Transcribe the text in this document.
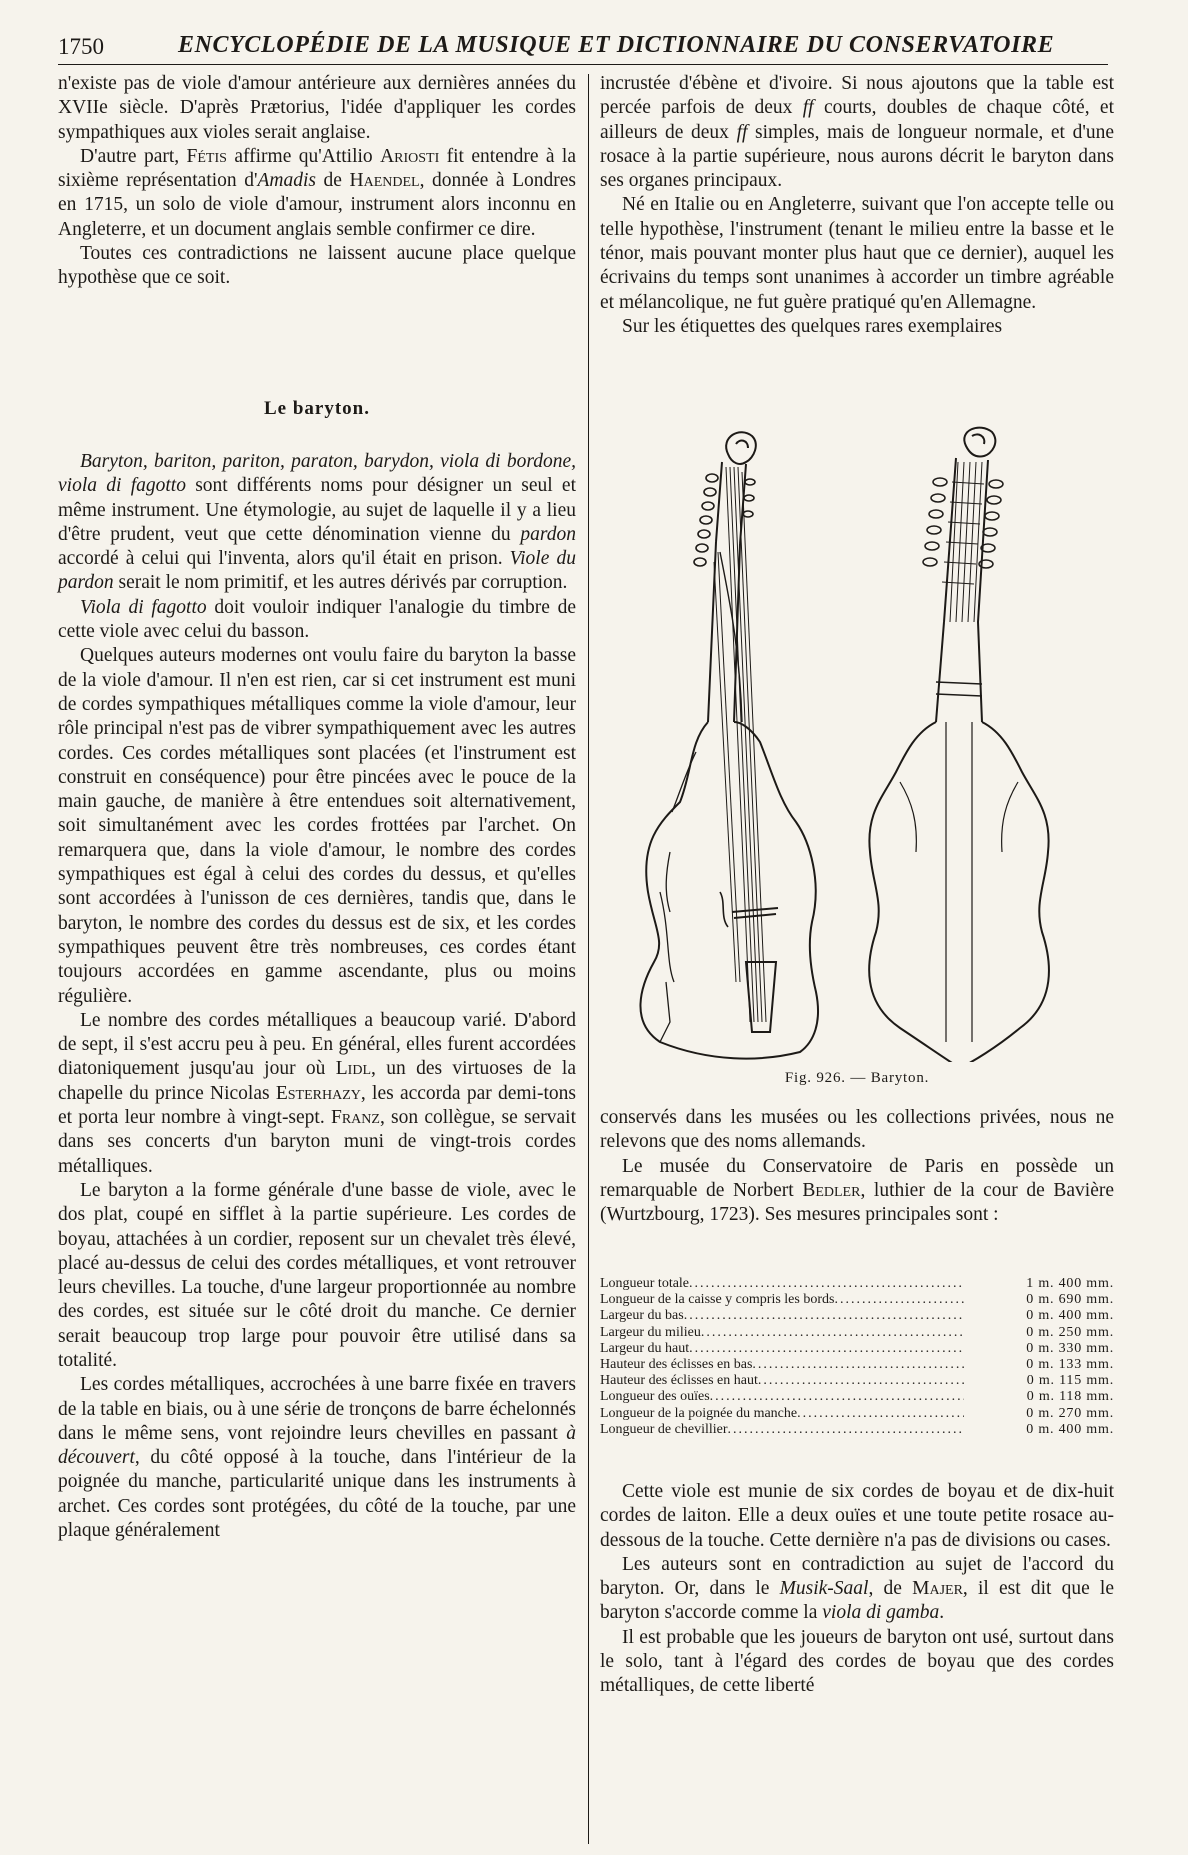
1750	ENCYCLOPÉDIE DE LA MUSIQUE ET DICTIONNAIRE DU CONSERVATOIRE

n'existe pas de viole d'amour antérieure aux dernières années du XVIIe siècle. D'après Prætorius, l'idée d'appliquer les cordes sympathiques aux violes serait anglaise.

D'autre part, Fétis affirme qu'Attilio Ariosti fit entendre à la sixième représentation d'Amadis de Haendel, donnée à Londres en 1715, un solo de viole d'amour, instrument alors inconnu en Angleterre, et un document anglais semble confirmer ce dire.

Toutes ces contradictions ne laissent aucune place quelque hypothèse que ce soit.

Le baryton.

Baryton, bariton, pariton, paraton, barydon, viola di bordone, viola di fagotto sont différents noms pour désigner un seul et même instrument. Une étymologie, au sujet de laquelle il y a lieu d'être prudent, veut que cette dénomination vienne du pardon accordé à celui qui l'inventa, alors qu'il était en prison. Viole du pardon serait le nom primitif, et les autres dérivés par corruption.

Viola di fagotto doit vouloir indiquer l'analogie du timbre de cette viole avec celui du basson.

Quelques auteurs modernes ont voulu faire du baryton la basse de la viole d'amour. Il n'en est rien, car si cet instrument est muni de cordes sympathiques métalliques comme la viole d'amour, leur rôle principal n'est pas de vibrer sympathiquement avec les autres cordes. Ces cordes métalliques sont placées (et l'instrument est construit en conséquence) pour être pincées avec le pouce de la main gauche, de manière à être entendues soit alternativement, soit simultanément avec les cordes frottées par l'archet. On remarquera que, dans la viole d'amour, le nombre des cordes sympathiques est égal à celui des cordes du dessus, et qu'elles sont accordées à l'unisson de ces dernières, tandis que, dans le baryton, le nombre des cordes du dessus est de six, et les cordes sympathiques peuvent être très nombreuses, ces cordes étant toujours accordées en gamme ascendante, plus ou moins régulière.

Le nombre des cordes métalliques a beaucoup varié. D'abord de sept, il s'est accru peu à peu. En général, elles furent accordées diatoniquement jusqu'au jour où Lidl, un des virtuoses de la chapelle du prince Nicolas Esterhazy, les accorda par demi-tons et porta leur nombre à vingt-sept. Franz, son collègue, se servait dans ses concerts d'un baryton muni de vingt-trois cordes métalliques.

Le baryton a la forme générale d'une basse de viole, avec le dos plat, coupé en sifflet à la partie supérieure. Les cordes de boyau, attachées à un cordier, reposent sur un chevalet très élevé, placé au-dessus de celui des cordes métalliques, et vont retrouver leurs chevilles. La touche, d'une largeur proportionnée au nombre des cordes, est située sur le côté droit du manche. Ce dernier serait beaucoup trop large pour pouvoir être utilisé dans sa totalité.

Les cordes métalliques, accrochées à une barre fixée en travers de la table en biais, ou à une série de tronçons de barre échelonnés dans le même sens, vont rejoindre leurs chevilles en passant à découvert, du côté opposé à la touche, dans l'intérieur de la poignée du manche, particularité unique dans les instruments à archet. Ces cordes sont protégées, du côté de la touche, par une plaque généralement

incrustée d'ébène et d'ivoire. Si nous ajoutons que la table est percée parfois de deux ff courts, doubles de chaque côté, et ailleurs de deux ff simples, mais de longueur normale, et d'une rosace à la partie supérieure, nous aurons décrit le baryton dans ses organes principaux.

Né en Italie ou en Angleterre, suivant que l'on accepte telle ou telle hypothèse, l'instrument (tenant le milieu entre la basse et le ténor, mais pouvant monter plus haut que ce dernier), auquel les écrivains du temps sont unanimes à accorder un timbre agréable et mélancolique, ne fut guère pratiqué qu'en Allemagne.

Sur les étiquettes des quelques rares exemplaires

Fig. 926. — Baryton.

conservés dans les musées ou les collections privées, nous ne relevons que des noms allemands.

Le musée du Conservatoire de Paris en possède un remarquable de Norbert Bedler, luthier de la cour de Bavière (Wurtzbourg, 1723). Ses mesures principales sont :

Longueur totale .....	1 m. 400 mm.
Longueur de la caisse y compris les bords .....	0 m. 690 mm.
Largeur du bas .....	0 m. 400 mm.
Largeur du milieu .....	0 m. 250 mm.
Largeur du haut .....	0 m. 330 mm.
Hauteur des éclisses en bas .....	0 m. 133 mm.
Hauteur des éclisses en haut .....	0 m. 115 mm.
Longueur des ouïes .....	0 m. 118 mm.
Longueur de la poignée du manche .....	0 m. 270 mm.
Longueur de chevillier .....	0 m. 400 mm.

Cette viole est munie de six cordes de boyau et de dix-huit cordes de laiton. Elle a deux ouïes et une toute petite rosace au-dessous de la touche. Cette dernière n'a pas de divisions ou cases.

Les auteurs sont en contradiction au sujet de l'accord du baryton. Or, dans le Musik-Saal, de Majer, il est dit que le baryton s'accorde comme la viola di gamba.

Il est probable que les joueurs de baryton ont usé, surtout dans le solo, tant à l'égard des cordes de boyau que des cordes métalliques, de cette liberté
